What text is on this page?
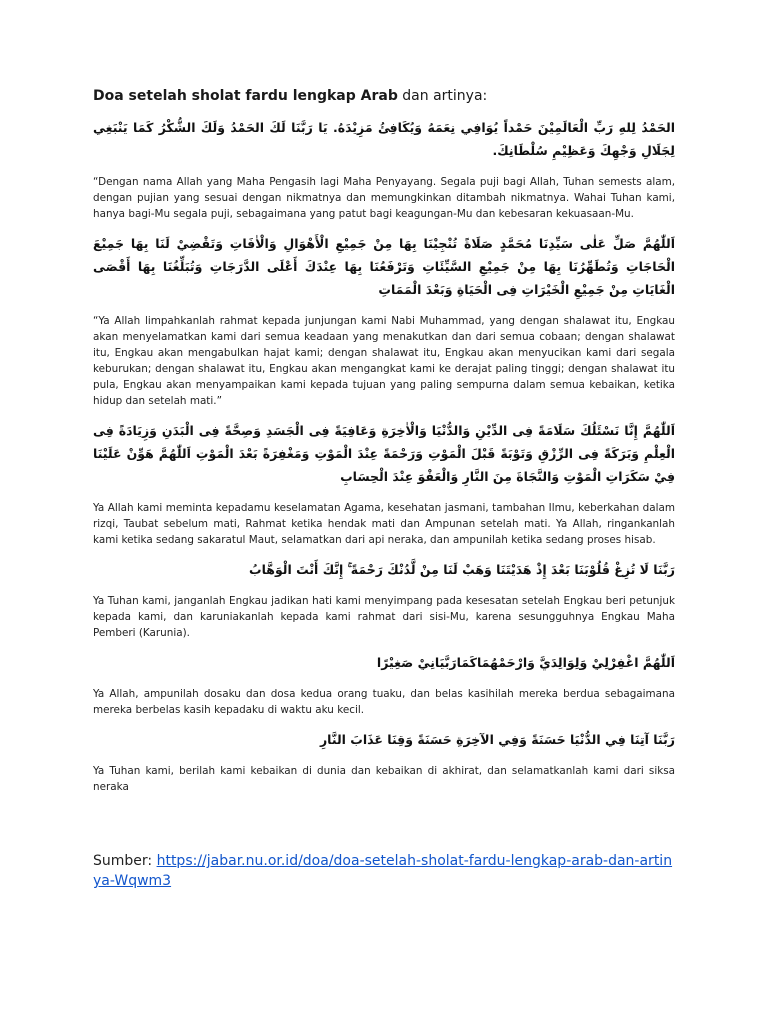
Doa setelah sholat fardu lengkap Arab dan artinya:
الحَمْدُ لِلهِ رَبِّ الْعَالَمِيْنَ حَمْداً يُوَافِي نِعَمَهُ وَيُكَافِئُ مَزِيْدَهُ. يَا رَبَّنَا لَكَ الحَمْدُ وَلَكَ الشُّكْرُ كَمَا يَنْبَغِي لِجَلَالِ وَجْهِكَ وَعَظِيْمِ سُلْطَانِكَ.
“Dengan nama Allah yang Maha Pengasih lagi Maha Penyayang. Segala puji bagi Allah, Tuhan semests alam, dengan pujian yang sesuai dengan nikmatnya dan memungkinkan ditambah nikmatnya. Wahai Tuhan kami, hanya bagi-Mu segala puji, sebagaimana yang patut bagi keagungan-Mu dan kebesaran kekuasaan-Mu.
اَللّٰهُمَّ صَلِّ عَلٰى سَيِّدِنَا مُحَمَّدٍ صَلَاةً تُنْجِيْنَا بِهَا مِنْ جَمِيْعِ الْأَهْوَالِ وَالْاٰفَاتِ وَتَقْضِيْ لَنَا بِهَا جَمِيْعَ الْحَاجَاتِ وَتُطَهِّرُنَا بِهَا مِنْ جَمِيْعِ السَّيِّئَاتِ وَتَرْفَعُنَا بِهَا عِنْدَكَ أَعْلَى الدَّرَجَاتِ وَتُبَلِّغُنَا بِهَا أَقْصَى الْغَايَاتِ مِنْ جَمِيْعِ الْخَيْرَاتِ فِى الْحَيَاةِ وَبَعْدَ الْمَمَاتِ
“Ya Allah limpahkanlah rahmat kepada junjungan kami Nabi Muhammad, yang dengan shalawat itu, Engkau akan menyelamatkan kami dari semua keadaan yang menakutkan dan dari semua cobaan; dengan shalawat itu, Engkau akan mengabulkan hajat kami; dengan shalawat itu, Engkau akan menyucikan kami dari segala keburukan; dengan shalawat itu, Engkau akan mengangkat kami ke derajat paling tinggi; dengan shalawat itu pula, Engkau akan menyampaikan kami kepada tujuan yang paling sempurna dalam semua kebaikan, ketika hidup dan setelah mati.”
اَللّٰهُمَّ إِنَّا نَسْئَلُكَ سَلَامَةً فِى الدِّيْنِ وَالدُّنْيَا وَالْاٰخِرَةِ وَعَافِيَةً فِى الْجَسَدِ وَصِحَّةً فِى الْبَدَنِ وَزِيَادَةً فِى الْعِلْمِ وَبَرَكَةً فِى الرِّزْقِ وَتَوْبَةً قَبْلَ الْمَوْتِ وَرَحْمَةً عِنْدَ الْمَوْتِ وَمَغْفِرَةً بَعْدَ الْمَوْتِ اَللّٰهُمَّ هَوِّنْ عَلَيْنَا فِيْ سَكَرَاتِ الْمَوْتِ وَالنَّجَاةَ مِنَ النَّارِ وَالْعَفْوَ عِنْدَ الْحِسَابِ
Ya Allah kami meminta kepadamu keselamatan Agama, kesehatan jasmani, tambahan Ilmu, keberkahan dalam rizqi, Taubat sebelum mati, Rahmat ketika hendak mati dan Ampunan setelah mati. Ya Allah, ringankanlah kami ketika sedang sakaratul Maut, selamatkan dari api neraka, dan ampunilah ketika sedang proses hisab.
رَبَّنَا لَا تُزِغْ قُلُوْبَنَا بَعْدَ إِذْ هَدَيْتَنَا وَهَبْ لَنَا مِنْ لَّدُنْكَ رَحْمَةً ۚ إِنَّكَ أَنْتَ الْوَهَّابُ
Ya Tuhan kami, janganlah Engkau jadikan hati kami menyimpang pada kesesatan setelah Engkau beri petunjuk kepada kami, dan karuniakanlah kepada kami rahmat dari sisi-Mu, karena sesungguhnya Engkau Maha Pemberi (Karunia).
اَللّٰهُمَّ اغْفِرْلِيْ وَلِوَالِدَيَّ وَارْحَمْهُمَاكَمَارَبَّيَانِيْ صَغِيْرًا
Ya Allah, ampunilah dosaku dan dosa kedua orang tuaku, dan belas kasihilah mereka berdua sebagaimana mereka berbelas kasih kepadaku di waktu aku kecil.
رَبَّنَا آتِنَا فِي الدُّنْيَا حَسَنَةً وَفِي الآخِرَةِ حَسَنَةً وَقِنَا عَذَابَ النَّارِ
Ya Tuhan kami, berilah kami kebaikan di dunia dan kebaikan di akhirat, dan selamatkanlah kami dari siksa neraka
Sumber: https://jabar.nu.or.id/doa/doa-setelah-sholat-fardu-lengkap-arab-dan-artinya-Wqwm3
